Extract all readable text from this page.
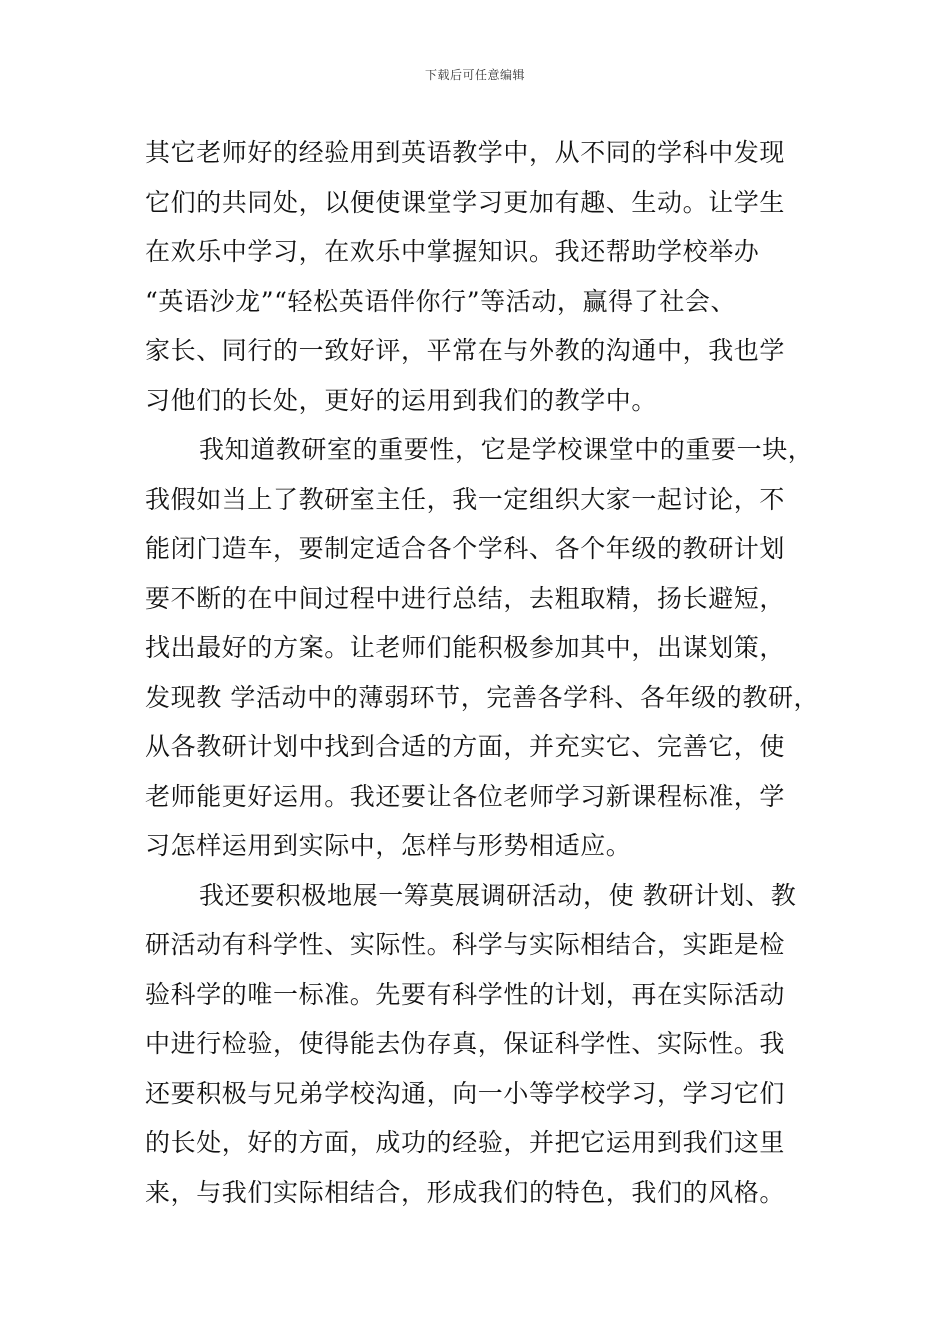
下载后可任意编辑
其它老师好的经验用到英语教学中，从不同的学科中发现
它们的共同处，以便使课堂学习更加有趣、生动。让学生
在欢乐中学习，在欢乐中掌握知识。我还帮助学校举办
“英语沙龙”“轻松英语伴你行”等活动，赢得了社会、
家长、同行的一致好评，平常在与外教的沟通中，我也学
习他们的长处，更好的运用到我们的教学中。
我知道教研室的重要性，它是学校课堂中的重要一块，
我假如当上了教研室主任，我一定组织大家一起讨论，不
能闭门造车，要制定适合各个学科、各个年级的教研计划
要不断的在中间过程中进行总结，去粗取精，扬长避短，
找出最好的方案。让老师们能积极参加其中，出谋划策，
发现教 学活动中的薄弱环节，完善各学科、各年级的教研，
从各教研计划中找到合适的方面，并充实它、完善它，使
老师能更好运用。我还要让各位老师学习新课程标准，学
习怎样运用到实际中，怎样与形势相适应。
我还要积极地展一筹莫展调研活动，使 教研计划、教
研活动有科学性、实际性。科学与实际相结合，实距是检
验科学的唯一标准。先要有科学性的计划，再在实际活动
中进行检验，使得能去伪存真，保证科学性、实际性。我
还要积极与兄弟学校沟通，向一小等学校学习，学习它们
的长处，好的方面，成功的经验，并把它运用到我们这里
来，与我们实际相结合，形成我们的特色，我们的风格。
